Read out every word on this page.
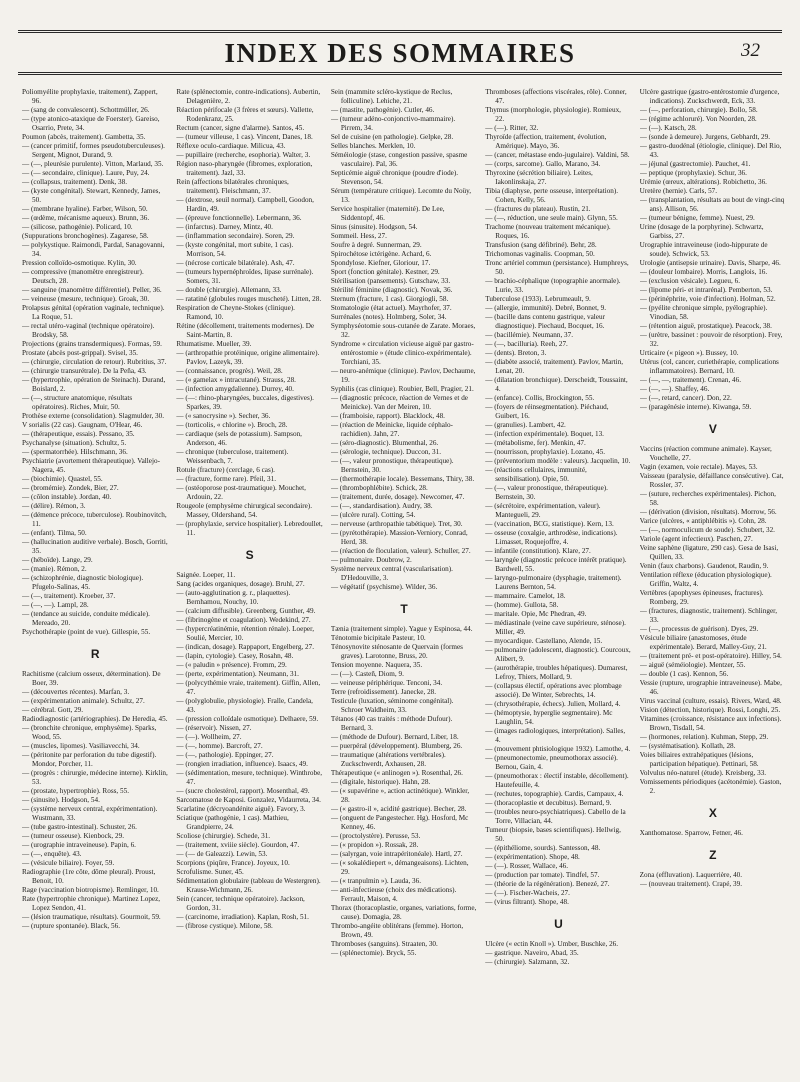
INDEX DES SOMMAIRES	32

Poliomyélite prophylaxie, traitement), Zappert, 96.

— (sang de convalescent). Schottmüller, 26.

— (type atonico-ataxique de Foerster). Gareiso, Osarrio, Prete, 34.

Poumon (abcès, traitement). Gambetta, 35.

— (cancer primitif, formes pseudotuberculeuses). Sergent, Mignot, Durand, 9.

— (—, pleurésie purulente). Vitton, Marlaud, 35.

— (— secondaire, clinique). Laure, Puy, 24.

— (collapsus, traitement). Denk, 38.

— (kyste congénital). Stewart, Kennedy, James, 50.

— (membrane hyaline). Farber, Wilson, 50.

— (œdème, mécanisme aqueux). Brunn, 36.

— (silicose, pathogénie). Policard, 10.

(Suppurations bronchogènes). Zagarese, 58.

— polykystique. Raimondi, Pardal, Sanagovanni, 34.

Pression colloïdo-osmotique. Kylin, 30.

— compressive (manomètre enregistreur). Deutsch, 28.

— sanguine (manomètre différentiel). Peller, 36.

— veineuse (mesure, technique). Groak, 30.

Prolapsus génital (opération vaginale, technique). La Roque, 51.

— rectal utéro-vaginal (technique opératoire). Brodsky, 58.

Projections (grains transdermiques). Formas, 59.

Prostate (abcès post-grippal). Svisel, 35.

— (chirurgie, circulation de retour). Rubritius, 37.

— (chirurgie transurétrale). De la Peña, 43.

— (hypertrophie, opération de Steinach). Durand, Boislard, 2.

— (—, structure anatomique, résultats opératoires). Riches, Muir, 50.

Prothèse externe (consolidation). Slagmulder, 30.

V sorialis (22 cas). Gaugnam, O'Hear, 46.

— (thérapeutique, essais). Pessano, 35.

Psychanalyse (situation). Schultz, 5.

— (spermatorrhée). Hilschmann, 36.

Psychiatrie (avortement thérapeutique). Vallejo-Nagera, 45.

— (biochimie). Quastel, 55.

— (bromémie). Zondek, Bier, 27.

— (côlon instable). Jordan, 40.

— (délire). Rémon, 3.

— (démence précoce, tuberculose). Roubinovitch, 11.

— (enfant). Tilma, 50.

— (hallucination auditive verbale). Bosch, Gorriti, 35.

— (héboïde). Lange, 29.

— (manie). Rémon, 2.

— (schizophrénie, diagnostic biologique). Pfugelo-Salinas, 45.

— (—, traitement). Kroeber, 37.

— (—, —). Lampl, 28.

— (tendance au suicide, conduite médicale). Mereado, 20.

Psychothérapie (point de vue). Gillespie, 55.

R

Rachitisme (calcium osseux, détermination). De Boer, 39.

— (découvertes récentes). Marfan, 3.

— (expérimentation animale). Schultz, 27.

— cérébral. Gott, 29.

Radiodiagnostic (artériographies). De Heredia, 45.

— (bronchite chronique, emphysème). Sparks, Wood, 55.

— (muscles, lipomes). Vasiliavecchi, 34.

— (péritonite par perforation du tube digestif). Mondor, Porcher, 11.

— (progrès : chirurgie, médecine interne). Kirklin, 53.

— (prostate, hypertrophie). Ross, 55.

— (sinusite). Hodgson, 54.

— (système nerveux central, expérimentation). Wustmann, 33.

— (tube gastro-intestinal). Schuster, 26.

— (tumeur osseuse). Kienbock, 29.

— (urographie intraveineuse). Papin, 6.

— (—, enquête). 43.

— (vésicule biliaire). Foyer, 59.

Radiographie (1re côte, dôme pleural). Proust, Benoit, 10.

Rage (vaccination biotropisme). Remlinger, 10.

Rate (hypertrophie chronique). Martinez Lopez, Lopez Sendon, 41.

— (lésion traumatique, résultats). Gourmoit, 59.

— (rupture spontanée). Black, 56.

Rate (splénectomie, contre-indications). Aubertin, Delagenière, 2.

Réaction périfocale (3 frères et sœurs). Vallette, Rodenkranz, 25.

Rectum (cancer, signe d'alarme). Santos, 45.

— (tumeur villeuse, 1 cas). Vincent, Danes, 18.

Réflexe oculo-cardiaque. Milicua, 43.

— pupillaire (recherche, esophoria). Walter, 3.

Région naso-pharyngée (fibromes, exploration, traitement). Jazl, 33.

Rein (affections bilatérales chroniques, traitement). Fleischmann, 37.

— (dextrose, seuil normal). Campbell, Goodon, Hardin, 49.

— (épreuve fonctionnelle). Lebermann, 36.

— (infarctus). Darney, Mintz, 40.

— (inflammation secondaire). Soren, 29.

— (kyste congénital, mort subite, 1 cas). Morrison, 54.

— (nécrose corticale bilatérale). Ash, 47.

— (tumeurs hypernéphroïdes, lipase surrénale). Somers, 31.

— double (chirurgie). Allemann, 33.

— ratatiné (globules rouges muscheté). Litten, 28.

Respiration de Cheyne-Stokes (clinique). Ramond, 10.

Rétine (décollement, traitements modernes). De Saint-Martin, 8.

Rhumatisme. Mueller, 39.

— (arthropathie protéinique, origine alimentaire). Pavlov, Lazeyk, 39.

— (connaissance, progrès). Weil, 28.

— (« gamelax » intracutané). Strauss, 28.

— (infection amygdalienne). Durrey, 40.

— (—: rhino-pharyngées, buccales, digestives). Sparkes, 39.

— (« sanocrysine »). Secher, 36.

— (torticolis, « chlorine »). Broch, 28.

— cardiaque (sels de potassium). Sampson, Anderson, 46.

— chronique (tuberculose, traitement). Weissenbach, 7.

Rotule (fracture) (cerclage, 6 cas).

— (fracture, forme rare). Pfeil, 31.

— (ostéoporose post-traumatique). Mouchet, Ardouin, 22.

Rougeole (emphysème chirurgical secondaire). Massey, Oldershand, 54.

— (prophylaxie, service hospitalier). Lebredoullet, 11.

S

Saignée. Loeper, 11.

Sang (acides organiques, dosage). Bruhl, 27.

— (auto-agglutination g. r., plaquettes). Bernhamou, Nouchy, 10.

— (calcium diffusible). Greenberg, Gunther, 49.

— (fibrinogène et coagulation). Wedekind, 27.

— (hypercréatinémie, rétention rénale). Loeper, Soulié, Mercier, 10.

— (indican, dosage). Rappaport, Engelberg, 27.

— (lapin, cytologie). Casey, Rosahn, 48.

— (« paludin » présence). Fromm, 29.

— (perte, expérimentation). Neumann, 31.

— (polycythémie vraie, traitement). Giffin, Allen, 47.

— (polyglobulie, physiologie). Fralle, Candela, 43.

— (pression colloïdale osmotique). Delhaere, 59.

— (réservoir). Nissen, 27.

— (—). Wollheim, 27.

— (—, homme). Barcroft, 27.

— (—, pathologie). Eppinger, 27.

— (rongien irradiation, influence). Isaacs, 49.

— (sédimentation, mesure, technique). Winthrobe, 47.

— (sucre cholestérol, rapport). Mosenthal, 49.

Sarcomatose de Kaposi. Gonzalez, Vidaurreta, 34.

Scarlatine (décryoandénite aiguë). Favory, 3.

Sciatique (pathogénie, 1 cas). Mathieu, Grandpierre, 24.

Scoliose (chirurgie). Schede, 31.

— (traitement, xviiie siècle). Gourdon, 47.

— (— de Galeazzi). Lewin, 53.

Scorpions (piqûre, France). Joyeux, 10.

Scrofulisme. Suner, 45.

Sédimentation globulaire (tableau de Westergren). Krause-Wichmann, 26.

Sein (cancer, technique opératoire). Jackson, Gordon, 31.

— (carcinome, irradiation). Kaplan, Rosh, 51.

— (fibrose cystique). Milone, 58.

Sein (mammite scléro-kystique de Reclus, folliculine). Lehiche, 21.

— (mastite, pathogénie). Cutler, 46.

— (tumeur adéno-conjonctivo-mammaire). Pirrem, 34.

Sel de cuisine (en pathologie). Gelpke, 28.

Selles blanches. Merklen, 10.

Séméiologie (stase, congestion passive, spasme vasculaire). Pal, 36.

Septicémie aiguë chronique (poudre d'iode). Stevenson, 54.

Sérum (température critique). Lecomte du Noüy, 13.

Service hospitalier (maternité). De Lee, Siddentopf, 46.

Sinus (sinusite). Hodgson, 54.

Sommeil. Hess, 27.

Soufre à degré. Sunnerman, 29.

Spirochétose ictérigène. Achard, 6.

Spondylose. Kiefner, Gloriour, 17.

Sport (fonction génitale). Kestner, 29.

Stérilisation (pansements). Gutschaw, 33.

Stérilité féminine (diagnostic). Novak, 36.

Sternum (fracture, 1 cas). Giorgiogli, 58.

Stomatologie (état actuel). Mayrhofer, 37.

Surrénales (notes). Holmberg, Soler, 34.

Symphyséotomie sous-cutanée de Zarate. Moraes, 32.

Syndrome « circulation vicieuse aiguë par gastro-entérostomie » (étude clinico-expérimentale). Torchiani, 35.

— neuro-anémique (clinique). Pavlov, Dechaume, 19.

Syphilis (cas clinique). Roubier, Bell, Pragier, 21.

— (diagnostic précoce, réaction de Vernes et de Meinicke). Van der Meiren, 10.

— (framboisie, rapport). Blacklock, 48.

— (réaction de Meinicke, liquide céphalo-rachidien). Jahn, 27.

— (séro-diagnostic). Blumenthal, 26.

— (sérologie, technique). Duccon, 31.

— (—, valeur pronostique, thérapeutique). Bernstein, 30.

— (thermothérapie locale). Bessemans, Thiry, 38.

— (thrombophlébite). Schick, 28.

— (traitement, durée, dosage). Newcomer, 47.

— (—, standardisation). Audry, 38.

— (ulcère rural). Cotting, 54.

— nerveuse (arthropathie tabétique). Tret, 30.

— (pyrétothérapie). Massion-Verniory, Conrad, Herd, 38.

— (réaction de floculation, valeur). Schuller, 27.

— pulmonaire. Doubrow, 2.

Système nerveux central (vascularisation). D'Hedouville, 3.

— végétatif (psychisme). Wilder, 36.

T

Tænia (traitement simple). Yague y Espinosa, 44.

Ténotomie bicipitale Pasteur, 10.

Ténosynovite sténosante de Quervain (formes graves). Larotonne, Bruss, 20.

Tension moyenne. Naquera, 35.

— (—). Casteñ, Diom, 9.

— veineuse périphérique. Tenconi, 34.

Terre (refroidissement). Janecke, 28.

Testicule (luxation, séminome congénital). Schroer Waldheim, 33.

Tétanos (40 cas traités : méthode Dufour). Bernard, 3.

— (méthode de Dufour). Bernard, Liber, 18.

— puerpéral (développement). Blumberg, 26.

— traumatique (altérations vertébrales). Zuckschwerdt, Axhausen, 28.

Thérapeutique (« anlinogen »). Rosenthal, 26.

— (digitale, historique). Hahn, 28.

— (« supavérine », action actinétique). Winkler, 28.

— (« gastro-il », acidité gastrique). Becher, 28.

— (onguent de Pangestecher. Hg). Hosford, Mc Kenney, 46.

— (proctolystère). Perusse, 53.

— (« propidon »). Rossak, 28.

— (salyrgan, voie intrapéritonéale). Hartl, 27.

— (« sokalédiepert », démangeaisons). Lichten, 29.

— (« tranpulmin »). Lauda, 36.

— anti-infectieuse (choix des médications). Ferrault, Maison, 4.

Thorax (thoracoplastie, organes, variations, forme, cause). Domagia, 28.

Thrombo-angéite oblitérans (femme). Horton, Brown, 49.

Thromboses (sanguins). Straaten, 30.

— (splénectomie). Bryck, 55.

Thromboses (affections viscérales, rôle). Conner, 47.

Thymus (morphologie, physiologie). Romieux, 22.

— (—). Ritter, 32.

Thyroïde (affection, traitement, évolution, Amérique). Mayo, 36.

— (cancer, métastase endo-jugulaire). Valdini, 58.

— (corps, sarcome). Gallo, Marano, 34.

Thyroxine (sécrétion biliaire). Leites, Iakonlinskaja, 27.

Tibia (diaphyse, perte osseuse, interprétation). Cohen, Kelly, 56.

— (fractures du plateau). Rustin, 21.

— (—, réduction, une seule main). Glynn, 55.

Trachome (nouveau traitement mécanique). Roques, 16.

Transfusion (sang défibriné). Behr, 28.

Trichomonas vaginalis. Coopman, 50.

Tronc artériel commun (persistance). Humphreys, 50.

— brachio-céphalique (topographie anormale). Lurie, 33.

Tuberculose (1933). Lebrumeault, 9.

— (allergie, immunité). Debré, Bonnet, 9.

— (bacille dans contenu gastrique, valeur diagnostique). Piechaud, Bocquet, 16.

— (bacillémie). Neumann, 37.

— (—, bacilluria). Reeh, 27.

— (dents). Breton, 3.

— (diabète associé, traitement). Pavlov, Martin, Lenat, 20.

— (dilatation bronchique). Derscheidt, Toussaint, 4.

— (enfance). Collis, Brockington, 55.

— (foyers de réinsegmentation). Piéchaud, Guibert, 16.

— (granulies). Lambert, 42.

— (infection expérimentale). Boquet, 13.

— (métabolisme, fer). Menkin, 47.

— (nourrisson, prophylaxie). Lozano, 45.

— (préventorium modèle : valeurs). Jacquelin, 10.

— (réactions cellulaires, immunité, sensibilisation). Opie, 50.

— (—, valeur pronostique, thérapeutique). Bernstein, 30.

— (sécrétoire, expérimentation, valeur). Mantegueli, 29.

— (vaccination, BCG, statistique). Kern, 13.

— osseuse (coxalgie, arthrodèse, indications). Limasset, Roquejoffre, 4.

— infantile (constitution). Klare, 27.

— laryngée (diagnostic précoce intérêt pratique). Bardwell, 55.

— laryngo-pulmonaire (dysphagie, traitement). Laurens Bernton, 54.

— mammaire. Camelot, 18.

— (homme). Gullota, 58.

— maritale. Opie, Mc Phedran, 49.

— médiastinale (veine cave supérieure, sténose). Miller, 49.

— myocardique. Castellano, Alende, 15.

— pulmonaire (adolescent, diagnostic). Courcoux, Alibert, 9.

— (aurothérapie, troubles hépatiques). Dumarest, Lefroy, Thiers, Mollard, 9.

— (collapsus électif, opérations avec plombage associé). De Winter, Sebrechts, 14.

— (chrysothérapie, échecs). Julien, Mollard, 4.

— (hémoptysie, hyperglie segmentaire). Mc Laughlin, 54.

— (images radiologiques, interprétation). Salles, 4.

— (mouvement phtisiologique 1932). Lamothe, 4.

— (pneumonectomie, pneumothorax associé). Bernou, Gain, 4.

— (pneumothorax : électif instable, décollement). Hautefeuille, 4.

— (rechutes, topographie). Cardis, Campaux, 4.

— (thoracoplastie et decubitus). Bernard, 9.

— (troubles neuro-psychiatriques). Cabello de la Torre, Villacian, 44.

Tumeur (biopsie, bases scientifiques). Hellwig, 50.

— (épithéliome, sourds). Santesson, 48.

— (expérimentation). Shope, 48.

— (—). Rosser, Wallace, 46.

— (production par tomate). Tindfel, 57.

— (théorie de la régénération). Benezé, 27.

— (—). Fischer-Wacheis, 27.

— (virus filtrant). Shope, 48.

U

Ulcère (« ectin Knoll »). Umber, Buschke, 26.

— gastrique. Naveiro, Abad, 35.

— (chirurgie). Salzmann, 32.

Ulcère gastrique (gastro-entérostomie d'urgence, indications). Zuckschwerdt, Eck, 33.

— (—, perforation, chirurgie). Bollo, 58.

— (régime achloruré). Von Noorden, 28.

— (—). Katsch, 28.

— (sonde à demeure). Jurgens, Gebhardt, 29.

— gastro-duodénal (étiologie, clinique). Del Rio, 43.

— jéjunal (gastrectomie). Pauchet, 41.

— peptique (prophylaxie). Schur, 36.

Urémie (œreux, altérations). Robichetto, 36.

Uretère (hernie). Carls, 57.

— (transplantation, résultats au bout de vingt-cinq ans). Allison, 56.

— (tumeur bénigne, femme). Nuest, 29.

Urine (dosage de la porphyrine). Schwartz, Garbiss, 27.

Urographie intraveineuse (iodo-hippurate de soude). Schwick, 53.

Urologie (antisepsie urinaire). Davis, Sharpe, 46.

— (douleur lombaire). Morris, Langlois, 16.

— (exclusion vésicale). Legueu, 6.

— (lipome péri- et intrarénal). Pemberton, 53.

— (périnéphrite, voie d'infection). Holman, 52.

— (pyélite chronique simple, pyélographie). Vinodian, 58.

— (rétention aiguë, prostatique). Peacock, 38.

— (urètre, bassinet : pouvoir de résorption). Frey, 32.

Urticaire (« pigeon »). Bussey, 10.

Utérus (col, cancer, curiethérapie, complications inflammatoires). Bernard, 10.

— (—, —, traitement). Crenan, 46.

— (—, —). Shaffey, 46.

— (—, retard, cancer). Don, 22.

— (paragénésie interne). Kiwanga, 59.

V

Vaccins (réaction commune animale). Kayser, Vouchelle, 27.

Vagin (examen, voie rectale). Mayes, 53.

Vaisseau (paralysie, défaillance consécutive). Cat, Rossler, 37.

— (suture, recherches expérimentales). Pichon, 58.

— (dérivation (division, résultats). Morrow, 56.

Varice (ulcères, « antiphlébitis »). Cohn, 28.

— (—, normoculicum de soude). Schubert, 32.

Variole (agent infectieux). Paschen, 27.

Veine saphène (ligature, 290 cas). Gesa de Isasi, Quillen, 33.

Venin (faux charbons). Gaudenot, Raudin, 9.

Ventilation réflexe (éducation physiologique). Griffin, Waltz, 4.

Vertèbres (apophyses épineuses, fractures). Romberg, 29.

— (fractures, diagnostic, traitement). Schlinger, 33.

— (—, processus de guérison). Dyes, 29.

Vésicule biliaire (anastomoses, étude expérimentale). Berard, Malley-Guy, 21.

— (traitement pré- et post-opératoire). Hilley, 54.

— aiguë (séméiologie). Mentzer, 55.

— double (1 cas). Kennon, 56.

Vessie (rupture, urographie intraveineuse). Mabe, 46.

Virus vaccinal (culture, essais). Rivers, Ward, 48.

Vision (détection, historique). Rossi, Longhi, 25.

Vitamines (croissance, résistance aux infections). Brown, Tisdall, 54.

— (hormones, relation). Kuhman, Stepp, 29.

— (systématisation). Kollath, 28.

Voies biliaires extrahépatiques (lésions, participation hépatique). Pettinari, 58.

Volvulus néo-naturel (étude). Kreisberg, 33.

Vomissements périodiques (acétonémie). Gaston, 2.

X

Xanthomatose. Sparrow, Fetner, 46.

Z

Zona (effluvation). Laquerrière, 40.

— (nouveau traitement). Crapé, 39.
